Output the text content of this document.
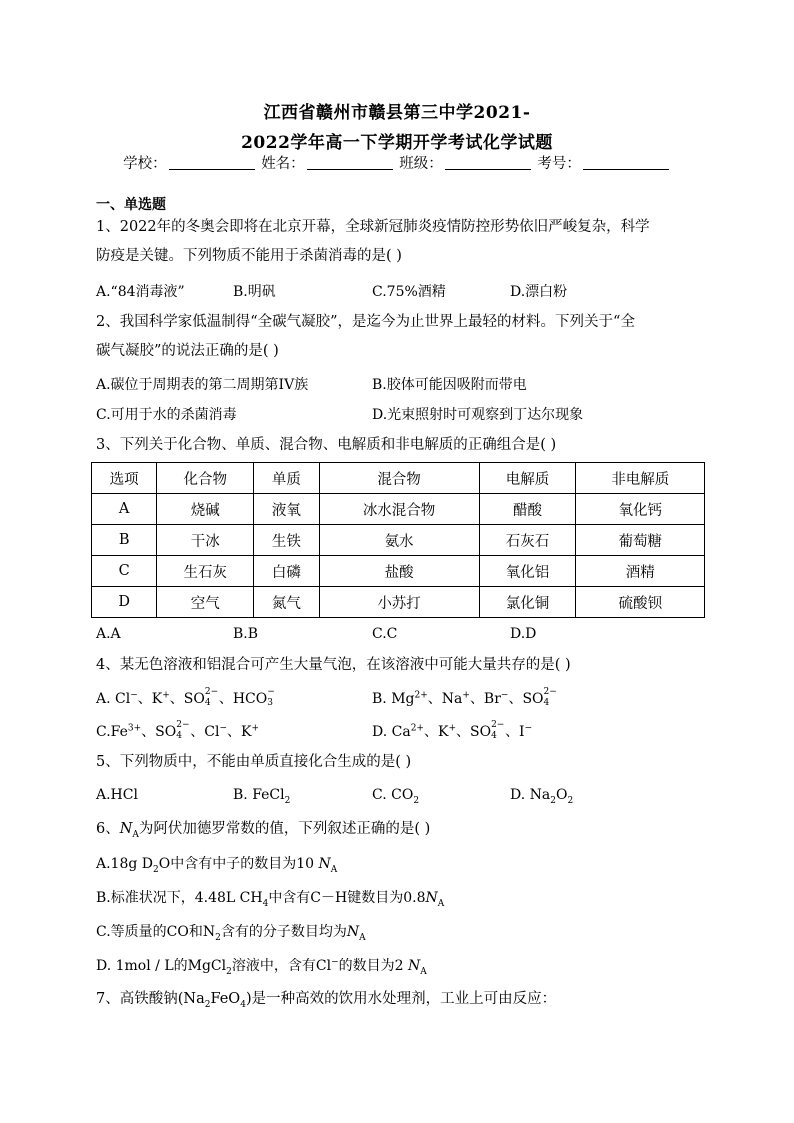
江西省赣州市赣县第三中学2021-
2022学年高一下学期开学考试化学试题
学校：	姓名：	班级：	考号：
一、单选题
1、2022年的冬奥会即将在北京开幕，全球新冠肺炎疫情防控形势依旧严峻复杂，科学
防疫是关键。下列物质不能用于杀菌消毒的是( )
A.“84消毒液”	B.明矾	C.75%酒精	D.漂白粉
2、我国科学家低温制得“全碳气凝胶”，是迄今为止世界上最轻的材料。下列关于“全
碳气凝胶”的说法正确的是( )
A.碳位于周期表的第二周期第IV族	B.胶体可能因吸附而带电
C.可用于水的杀菌消毒	D.光束照射时可观察到丁达尔现象
3、下列关于化合物、单质、混合物、电解质和非电解质的正确组合是( )
选项	化合物	单质	混合物	电解质	非电解质
A	烧碱	液氧	冰水混合物	醋酸	氧化钙
B	干冰	生铁	氨水	石灰石	葡萄糖
C	生石灰	白磷	盐酸	氧化铝	酒精
D	空气	氮气	小苏打	氯化铜	硫酸钡
A.A	B.B	C.C	D.D
4、某无色溶液和铝混合可产生大量气泡，在该溶液中可能大量共存的是( )
A. Cl−、K+、SO 2−
4 、HCO −
3	B. $Mg^{2+}$、Na+、Br−、SO 2−
4
$C.Fe^{3+}$、SO 2−
4 、Cl−、K+	D. $Ca^{2+}$、K+、SO 2−
4 、I−
5、下列物质中，不能由单质直接化合生成的是( )
A.HCl	B. FeCl$_2$	C. $CO_2$	D. $Na_2O_2$
6、$N_A$为阿伏加德罗常数的值，下列叙述正确的是( )
A.18g $D_2O$中含有中子的数目为10 $N_A$
B.标准状况下，4.48L $CH_4$中含有C－H键数目为$0.8N_A$
C.等质量的CO和$N_2$含有的分子数目均为$N_A$
D. 1mol / L的MgCl$_2$溶液中，含有Cl−的数目为2 $N_A$
7、高铁酸钠$(Na_2FeO_4)$是一种高效的饮用水处理剂，工业上可由反应：
